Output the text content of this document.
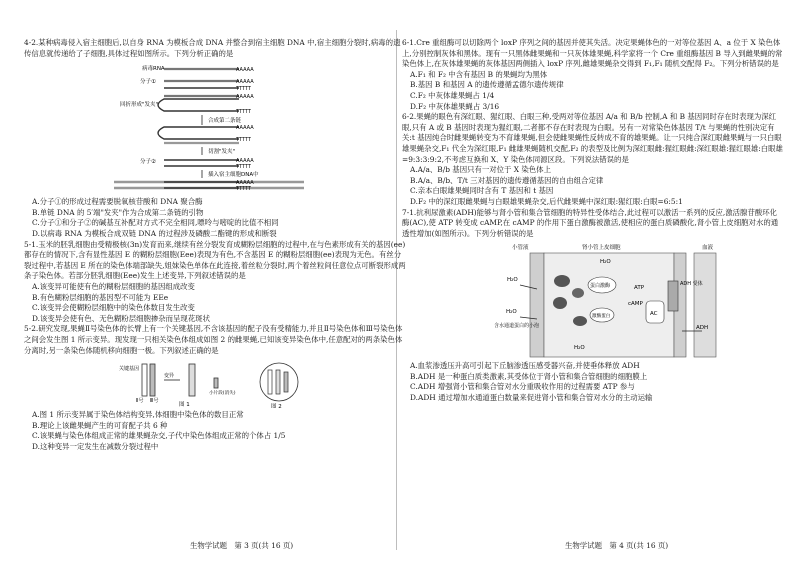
4-2.某种病毒侵入宿主细胞后,以自身 RNA 为模板合成 DNA 并整合到宿主细胞 DNA 中,宿主细胞分裂时,病毒的遗传信息就传递给了子细胞,具体过程如图所示。下列分析正确的是

病毒RNA	AAAAA
分子①	AAAAA
TTTTT
回折形成"发夹"
AAAAA
TTTTT
合成第二条链
AAAAA
TTTTT
切割"发夹"
分子②	AAAAA
TTTTT
插入宿主细胞DNA中
AAAAA
TTTTT

A.分子①的形成过程需要脱氧核苷酸和 DNA 聚合酶

B.单链 DNA 的 5′端"发夹"作为合成第二条链的引物

C.分子①和分子②的碱基互补配对方式不完全相同,嘌呤与嘧啶的比值不相同

D.以病毒 RNA 为模板合成双链 DNA 的过程涉及磷酸二酯键的形成和断裂

5-1.玉米的胚乳细胞由受精极核(3n)发育而来,继续有丝分裂发育成糊粉层细胞的过程中,在与色素形成有关的基因(ee)都存在的情况下,含有显性基因 E 的糊粉层细胞(Eee)表现为有色,不含基因 E 的糊粉层细胞(ee)表现为无色。有丝分裂过程中,若基因 E 所在的染色体端部缺失,姐妹染色单体在此连接,着丝粒分裂时,两个着丝粒间任意位点可断裂形成两条子染色体。若部分胚乳细胞(Eee)发生上述变异,下列叙述错误的是

A.该变异可能使有色的糊粉层细胞的基因组成改变

B.有色糊粉层细胞的基因型不可能为 EEe

C.该变异会使糊粉层细胞中的染色体数目发生改变

D.该变异会使有色、无色糊粉层细胞掺杂而呈现花斑状

5-2.研究发现,果蝇Ⅱ号染色体的长臂上有一个关键基因,不含该基因的配子没有受精能力,并且Ⅱ号染色体和Ⅲ号染色体之间会发生图 1 所示变异。现发现一只相关染色体组成如图 2 的雌果蝇,已知该变异染色体中,任意配对的两条染色体分离时,另一条染色体随机移向细胞一极。下列叙述正确的是

关键基因
Ⅱ号 Ⅲ号
变异
小片段(消失)
图 1	图 2

A.图 1 所示变异属于染色体结构变异,体细胞中染色体的数目正常

B.理论上该雌果蝇产生的可育配子共 6 种

C.该果蝇与染色体组成正常的雄果蝇杂交,子代中染色体组成正常的个体占 1/5

D.这种变异一定发生在减数分裂过程中

6-1.Cre 重组酶可以切除两个 loxP 序列之间的基因并使其失活。决定果蝇体色的一对等位基因 A、a 位于 X 染色体上,分别控制灰体和黑体。现有一只黑体雌果蝇和一只灰体雄果蝇,科学家将一个 Cre 重组酶基因 B 导入到雌果蝇的常染色体上,在灰体雄果蝇的灰体基因两侧插入 loxP 序列,雌雄果蝇杂交得到 F₁,F₁ 随机交配得 F₂。下列分析错误的是

A.F₁ 和 F₂ 中含有基因 B 的果蝇均为黑体

B.基因 B 和基因 A 的遗传遵循孟德尔遗传规律

C.F₂ 中灰体雄果蝇占 1/4

D.F₂ 中灰体雄果蝇占 3/16

6-2.果蝇的眼色有深红眼、猩红眼、白眼三种,受两对等位基因 A/a 和 B/b 控制,A 和 B 基因同时存在时表现为深红眼,只有 A 或 B 基因时表现为猩红眼,二者都不存在时表现为白眼。另有一对常染色体基因 T/t 与果蝇的性别决定有关:t 基因纯合时雌果蝇转变为不育雄果蝇,但会使雌果蝇性反转成不育的雄果蝇。让一只纯合深红眼雌果蝇与一只白眼雄果蝇杂交,F₁ 代全为深红眼,F₁ 雌雄果蝇随机交配,F₂ 的表型及比例为深红眼雌:猩红眼雌:深红眼雄:猩红眼雄:白眼雄=9:3:3:9:2,不考虑互换和 X、Y 染色体同源区段。下列说法错误的是

A.A/a、B/b 基因只有一对位于 X 染色体上

B.A/a、B/b、T/t 三对基因的遗传遵循基因的自由组合定律

C.亲本白眼雄果蝇同时含有 T 基因和 t 基因

D.F₂ 中的深红眼雌果蝇与白眼雄果蝇杂交,后代雌果蝇中深红眼:猩红眼:白眼=6:5:1

7-1.抗利尿激素(ADH)能够与肾小管和集合管细胞的特异性受体结合,此过程可以激活一系列的反应,激活腺苷酸环化酶(AC),使 ATP 转变成 cAMP,在 cAMP 的作用下蛋白激酶被激活,使相应的蛋白质磷酸化,肾小管上皮细胞对水的通透性增加(如图所示)。下列分析错误的是

小管液	肾小管上皮细胞	血液
H₂O
H₂O
H₂O
H₂O
含水通道蛋白的小泡
蛋白激酶
激酶蛋白
ATP
cAMP
AC
ADH 受体
ADH

A.血浆渗透压升高可引起下丘脑渗透压感受器兴奋,并使垂体释放 ADH

B.ADH 是一种蛋白质类激素,其受体位于肾小管和集合管细胞的细胞膜上

C.ADH 增强肾小管和集合管对水分重吸收作用的过程需要 ATP 参与

D.ADH 通过增加水通道蛋白数量来促进肾小管和集合管对水分的主动运输

生物学试题　第 3 页(共 16 页)	生物学试题　第 4 页(共 16 页)
